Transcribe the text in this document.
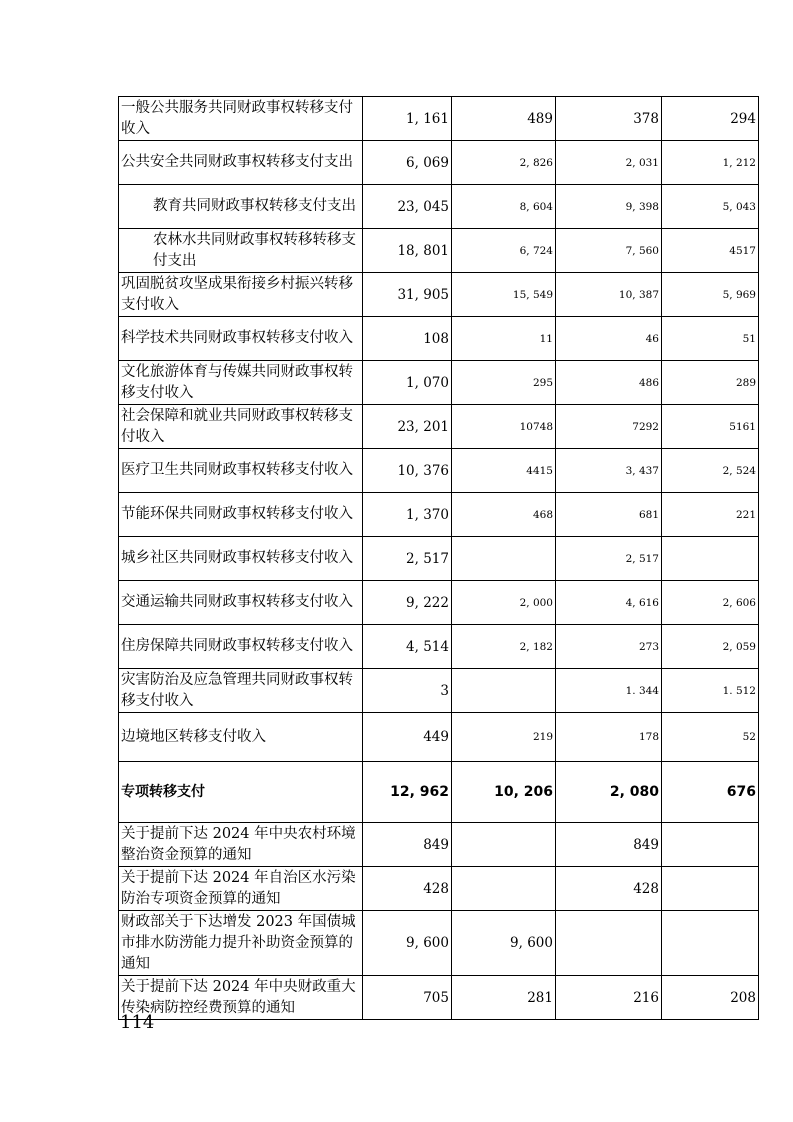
一般公共服务共同财政事权转移支付收入	1, 161	489	378	294
公共安全共同财政事权转移支付支出	6, 069	2, 826	2, 031	1, 212
教育共同财政事权转移支付支出	23, 045	8, 604	9, 398	5, 043
农林水共同财政事权转移转移支付支出	18, 801	6, 724	7, 560	4517
巩固脱贫攻坚成果衔接乡村振兴转移支付收入	31, 905	15, 549	10, 387	5, 969
科学技术共同财政事权转移支付收入	108	11	46	51
文化旅游体育与传媒共同财政事权转移支付收入	1, 070	295	486	289
社会保障和就业共同财政事权转移支付收入	23, 201	10748	7292	5161
医疗卫生共同财政事权转移支付收入	10, 376	4415	3, 437	2, 524
节能环保共同财政事权转移支付收入	1, 370	468	681	221
城乡社区共同财政事权转移支付收入	2, 517		2, 517	
交通运输共同财政事权转移支付收入	9, 222	2, 000	4, 616	2, 606
住房保障共同财政事权转移支付收入	4, 514	2, 182	273	2, 059
灾害防治及应急管理共同财政事权转移支付收入	3		1. 344	1. 512
边境地区转移支付收入	449	219	178	52
专项转移支付	12, 962	10, 206	2, 080	676
关于提前下达 2024 年中央农村环境整治资金预算的通知	849		849	
关于提前下达 2024 年自治区水污染防治专项资金预算的通知	428		428	
财政部关于下达增发 2023 年国债城市排水防涝能力提升补助资金预算的通知	9, 600	9, 600		
关于提前下达 2024 年中央财政重大传染病防控经费预算的通知	705	281	216	208
114
